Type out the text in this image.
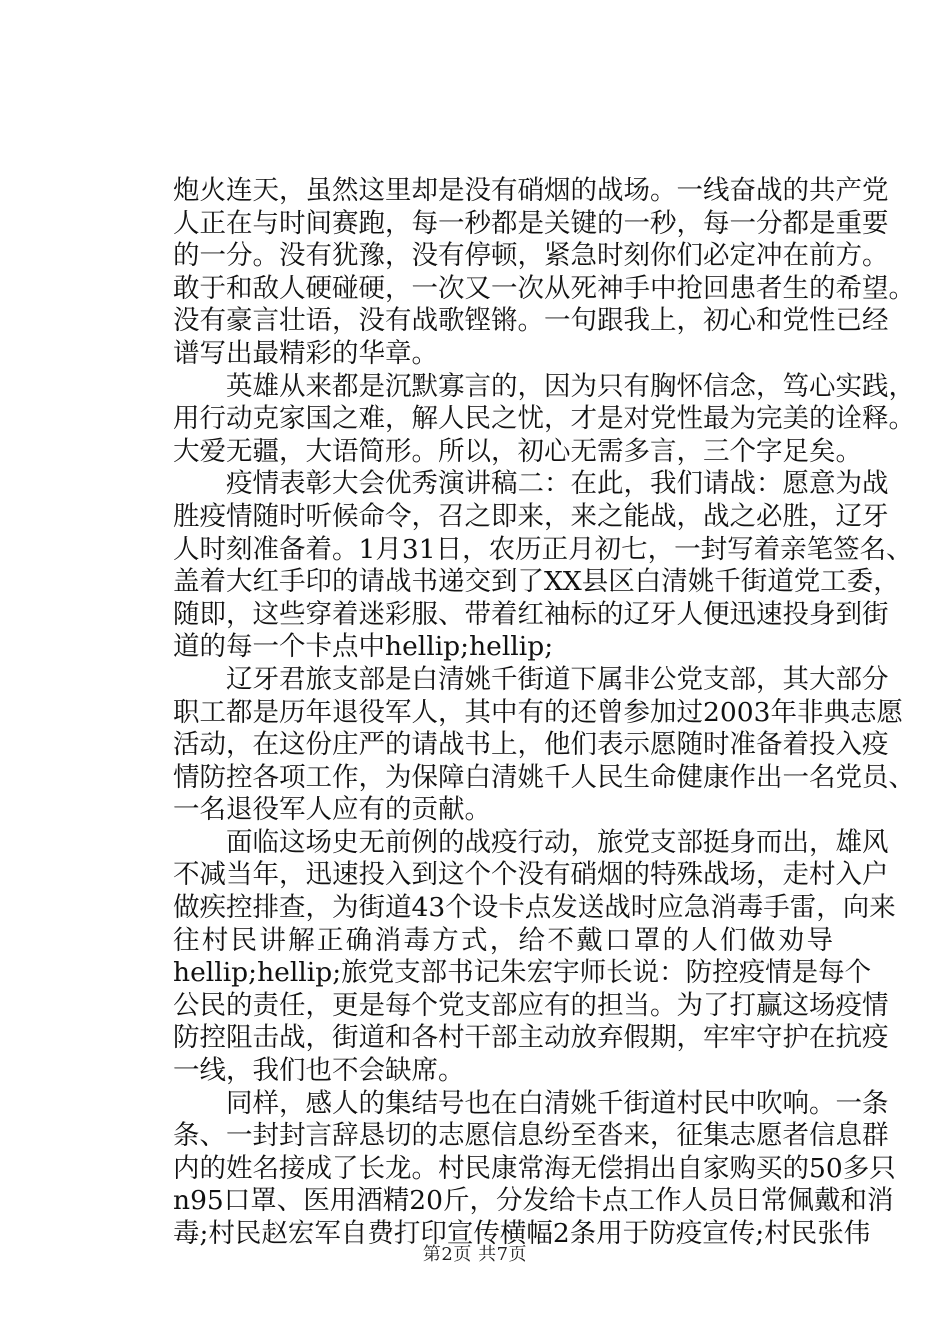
炮火连天，虽然这里却是没有硝烟的战场。一线奋战的共产党
人正在与时间赛跑，每一秒都是关键的一秒，每一分都是重要
的一分。没有犹豫，没有停顿，紧急时刻你们必定冲在前方。
敢于和敌人硬碰硬，一次又一次从死神手中抢回患者生的希望。
没有豪言壮语，没有战歌铿锵。一句跟我上，初心和党性已经
谱写出最精彩的华章。
　　英雄从来都是沉默寡言的，因为只有胸怀信念，笃心实践，
用行动克家国之难，解人民之忧，才是对党性最为完美的诠释。
大爱无疆，大语简形。所以，初心无需多言，三个字足矣。
　　疫情表彰大会优秀演讲稿二：在此，我们请战：愿意为战
胜疫情随时听候命令，召之即来，来之能战，战之必胜，辽牙
人时刻准备着。1月31日，农历正月初七，一封写着亲笔签名、
盖着大红手印的请战书递交到了XX县区白清姚千街道党工委，
随即，这些穿着迷彩服、带着红袖标的辽牙人便迅速投身到街
道的每一个卡点中hellip;hellip;
　　辽牙君旅支部是白清姚千街道下属非公党支部，其大部分
职工都是历年退役军人，其中有的还曾参加过2003年非典志愿
活动，在这份庄严的请战书上，他们表示愿随时准备着投入疫
情防控各项工作，为保障白清姚千人民生命健康作出一名党员、
一名退役军人应有的贡献。
　　面临这场史无前例的战疫行动，旅党支部挺身而出，雄风
不减当年，迅速投入到这个个没有硝烟的特殊战场，走村入户
做疾控排查，为街道43个设卡点发送战时应急消毒手雷，向来
往村民讲解正确消毒方式，给不戴口罩的人们做劝导
hellip;hellip;旅党支部书记朱宏宇师长说：防控疫情是每个
公民的责任，更是每个党支部应有的担当。为了打赢这场疫情
防控阻击战，街道和各村干部主动放弃假期，牢牢守护在抗疫
一线，我们也不会缺席。
　　同样，感人的集结号也在白清姚千街道村民中吹响。一条
条、一封封言辞恳切的志愿信息纷至沓来，征集志愿者信息群
内的姓名接成了长龙。村民康常海无偿捐出自家购买的50多只
n95口罩、医用酒精20斤，分发给卡点工作人员日常佩戴和消
毒;村民赵宏军自费打印宣传横幅2条用于防疫宣传;村民张伟
第2页 共7页
